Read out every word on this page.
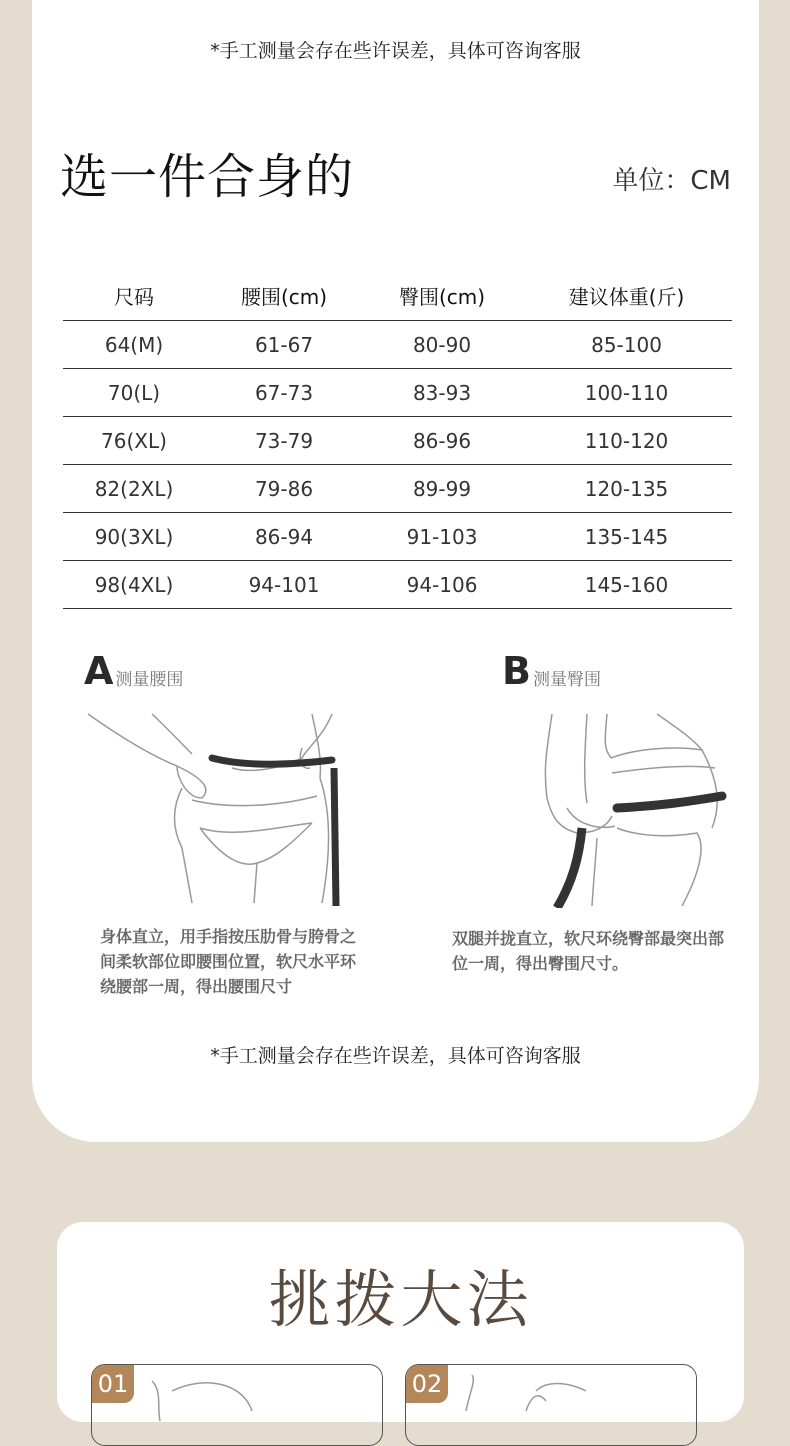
*手工测量会存在些许误差，具体可咨询客服
选一件合身的	单位：CM
尺码	腰围(cm)	臀围(cm)	建议体重(斤)
64(M)	61-67	80-90	85-100
70(L)	67-73	83-93	100-110
76(XL)	73-79	86-96	110-120
82(2XL)	79-86	89-99	120-135
90(3XL)	86-94	91-103	135-145
98(4XL)	94-101	94-106	145-160
A 测量腰围	B 测量臀围
身体直立，用手指按压肋骨与胯骨之间柔软部位即腰围位置，软尺水平环绕腰部一周，得出腰围尺寸
双腿并拢直立，软尺环绕臀部最突出部位一周，得出臀围尺寸。
*手工测量会存在些许误差，具体可咨询客服
挑拨大法
01	02
